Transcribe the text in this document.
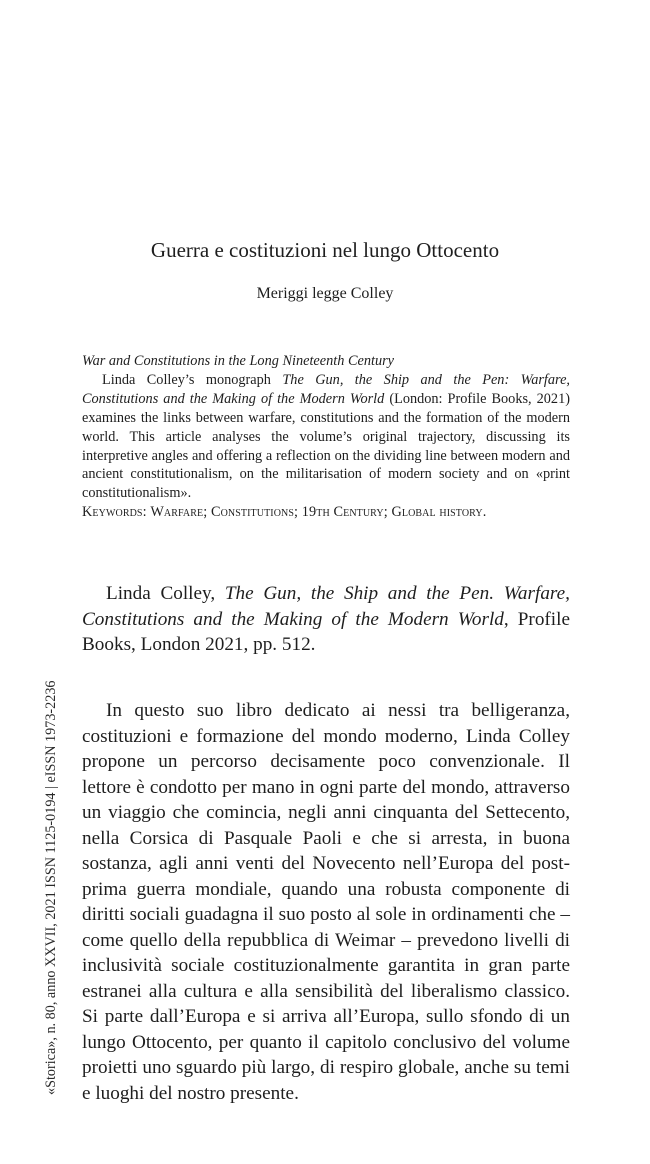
Guerra e costituzioni nel lungo Ottocento
Meriggi legge Colley

War and Constitutions in the Long Nineteenth Century

Linda Colley’s monograph The Gun, the Ship and the Pen: Warfare, Constitutions and the Making of the Modern World (London: Profile Books, 2021) examines the links between warfare, constitutions and the formation of the modern world. This article analyses the volume’s original trajectory, discussing its interpretive angles and offering a reflection on the dividing line between modern and ancient constitutionalism, on the militarisation of modern society and on «print constitutionalism».

Keywords: Warfare; Constitutions; 19th Century; Global history.

Linda Colley, The Gun, the Ship and the Pen. Warfare, Constitutions and the Making of the Modern World, Profile Books, London 2021, pp. 512.

In questo suo libro dedicato ai nessi tra belligeranza, costituzioni e formazione del mondo moderno, Linda Colley propone un percorso decisamente poco convenzionale. Il lettore è condotto per mano in ogni parte del mondo, attraverso un viaggio che comincia, negli anni cinquanta del Settecento, nella Corsica di Pasquale Paoli e che si arresta, in buona sostanza, agli anni venti del Novecento nell’Europa del post-prima guerra mondiale, quando una robusta componente di diritti sociali guadagna il suo posto al sole in ordinamenti che – come quello della repubblica di Weimar – prevedono livelli di inclusività sociale costituzionalmente garantita in gran parte estranei alla cultura e alla sensibilità del liberalismo classico. Si parte dall’Europa e si arriva all’Europa, sullo sfondo di un lungo Ottocento, per quanto il capitolo conclusivo del volume proietti uno sguardo più largo, di respiro globale, anche su temi e luoghi del nostro presente.

«Storica», n. 80, anno XXVII, 2021 ISSN 1125-0194 | eISSN 1973-2236
